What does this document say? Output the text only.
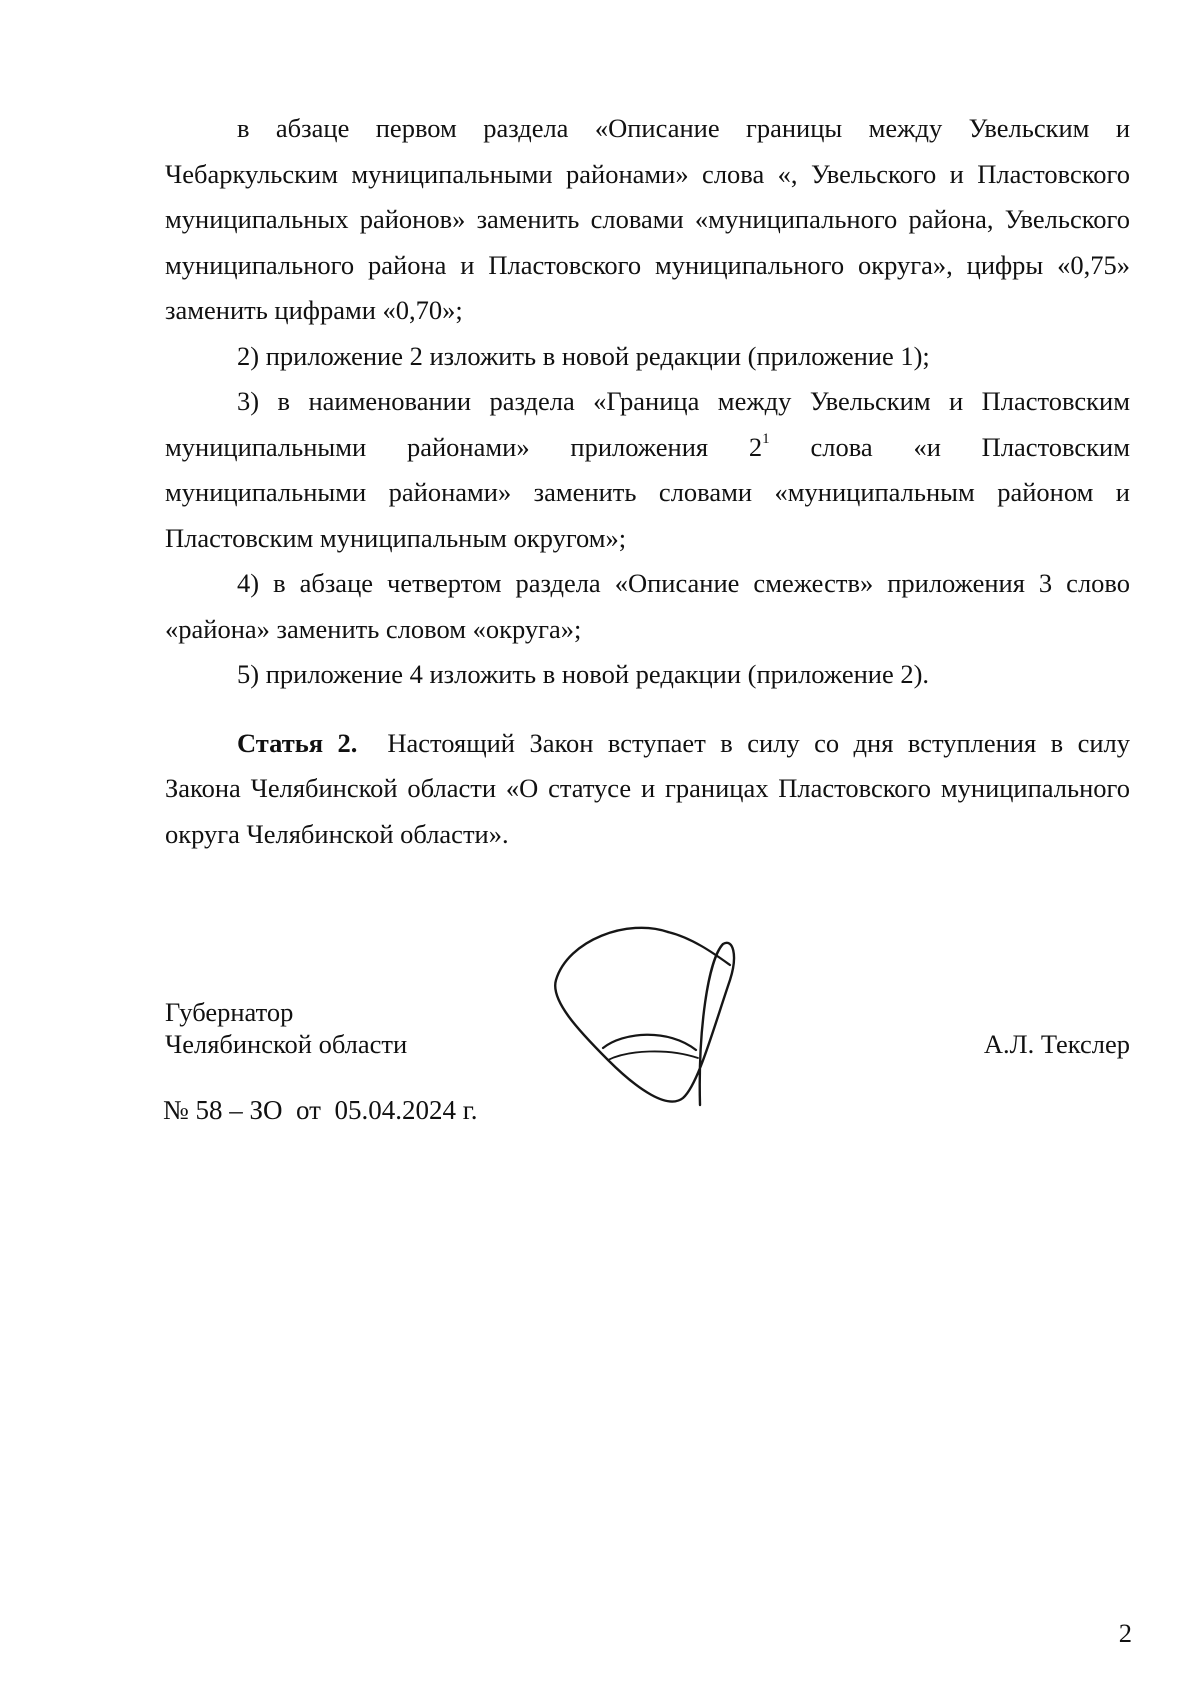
в абзаце первом раздела «Описание границы между Увельским и Чебаркульским муниципальными районами» слова «, Увельского и Пластовского муниципальных районов» заменить словами «муниципального района, Увельского муниципального района и Пластовского муниципального округа», цифры «0,75» заменить цифрами «0,70»;

2) приложение 2 изложить в новой редакции (приложение 1);

3) в наименовании раздела «Граница между Увельским и Пластовским муниципальными районами» приложения $2^1$ слова «и Пластовским муниципальными районами» заменить словами «муниципальным районом и Пластовским муниципальным округом»;

4) в абзаце четвертом раздела «Описание смежеств» приложения 3 слово «района» заменить словом «округа»;

5) приложение 4 изложить в новой редакции (приложение 2).

Статья 2. Настоящий Закон вступает в силу со дня вступления в силу Закона Челябинской области «О статусе и границах Пластовского муниципального округа Челябинской области».

Губернатор
Челябинской области	А.Л. Текслер
№ 58 – ЗО  от  05.04.2024 г.
2
